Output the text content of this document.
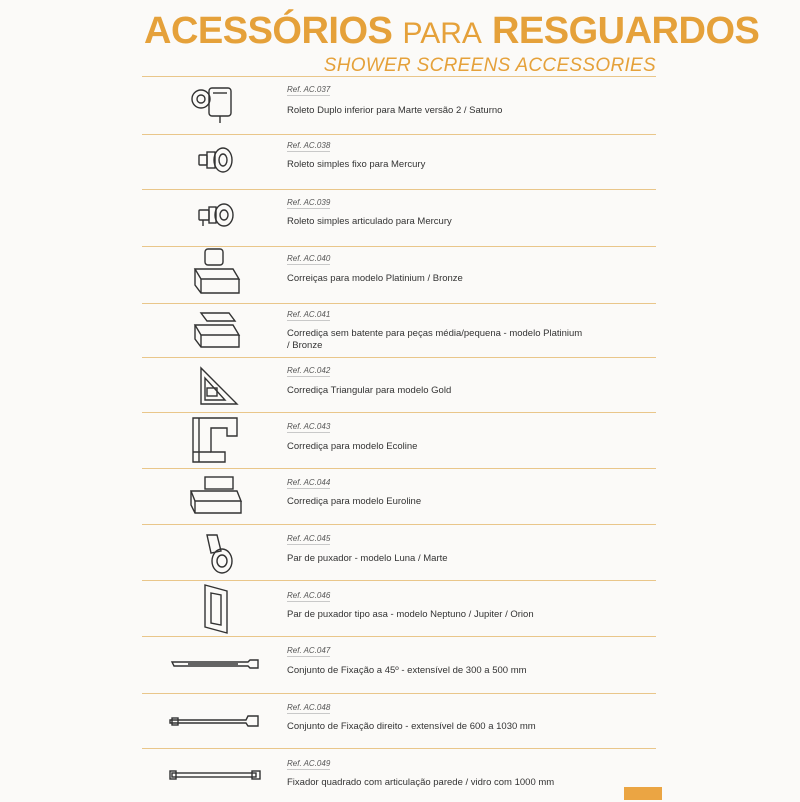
ACESSÓRIOS PARA RESGUARDOS
SHOWER SCREENS ACCESSORIES
Ref. AC.037
Roleto Duplo inferior para Marte versão 2 / Saturno
Ref. AC.038
Roleto simples fixo para Mercury
Ref. AC.039
Roleto simples articulado para Mercury
Ref. AC.040
Correiças para modelo Platinium / Bronze
Ref. AC.041
Corrediça sem batente para peças média/pequena - modelo Platinium / Bronze
Ref. AC.042
Corrediça Triangular para modelo Gold
Ref. AC.043
Corrediça para modelo Ecoline
Ref. AC.044
Corrediça para modelo Euroline
Ref. AC.045
Par de puxador - modelo Luna / Marte
Ref. AC.046
Par de puxador tipo asa - modelo Neptuno / Jupiter / Orion
Ref. AC.047
Conjunto de Fixação a 45º - extensível de 300 a 500 mm
Ref. AC.048
Conjunto de Fixação direito - extensível de 600 a 1030 mm
Ref. AC.049
Fixador quadrado com articulação parede / vidro com 1000 mm
